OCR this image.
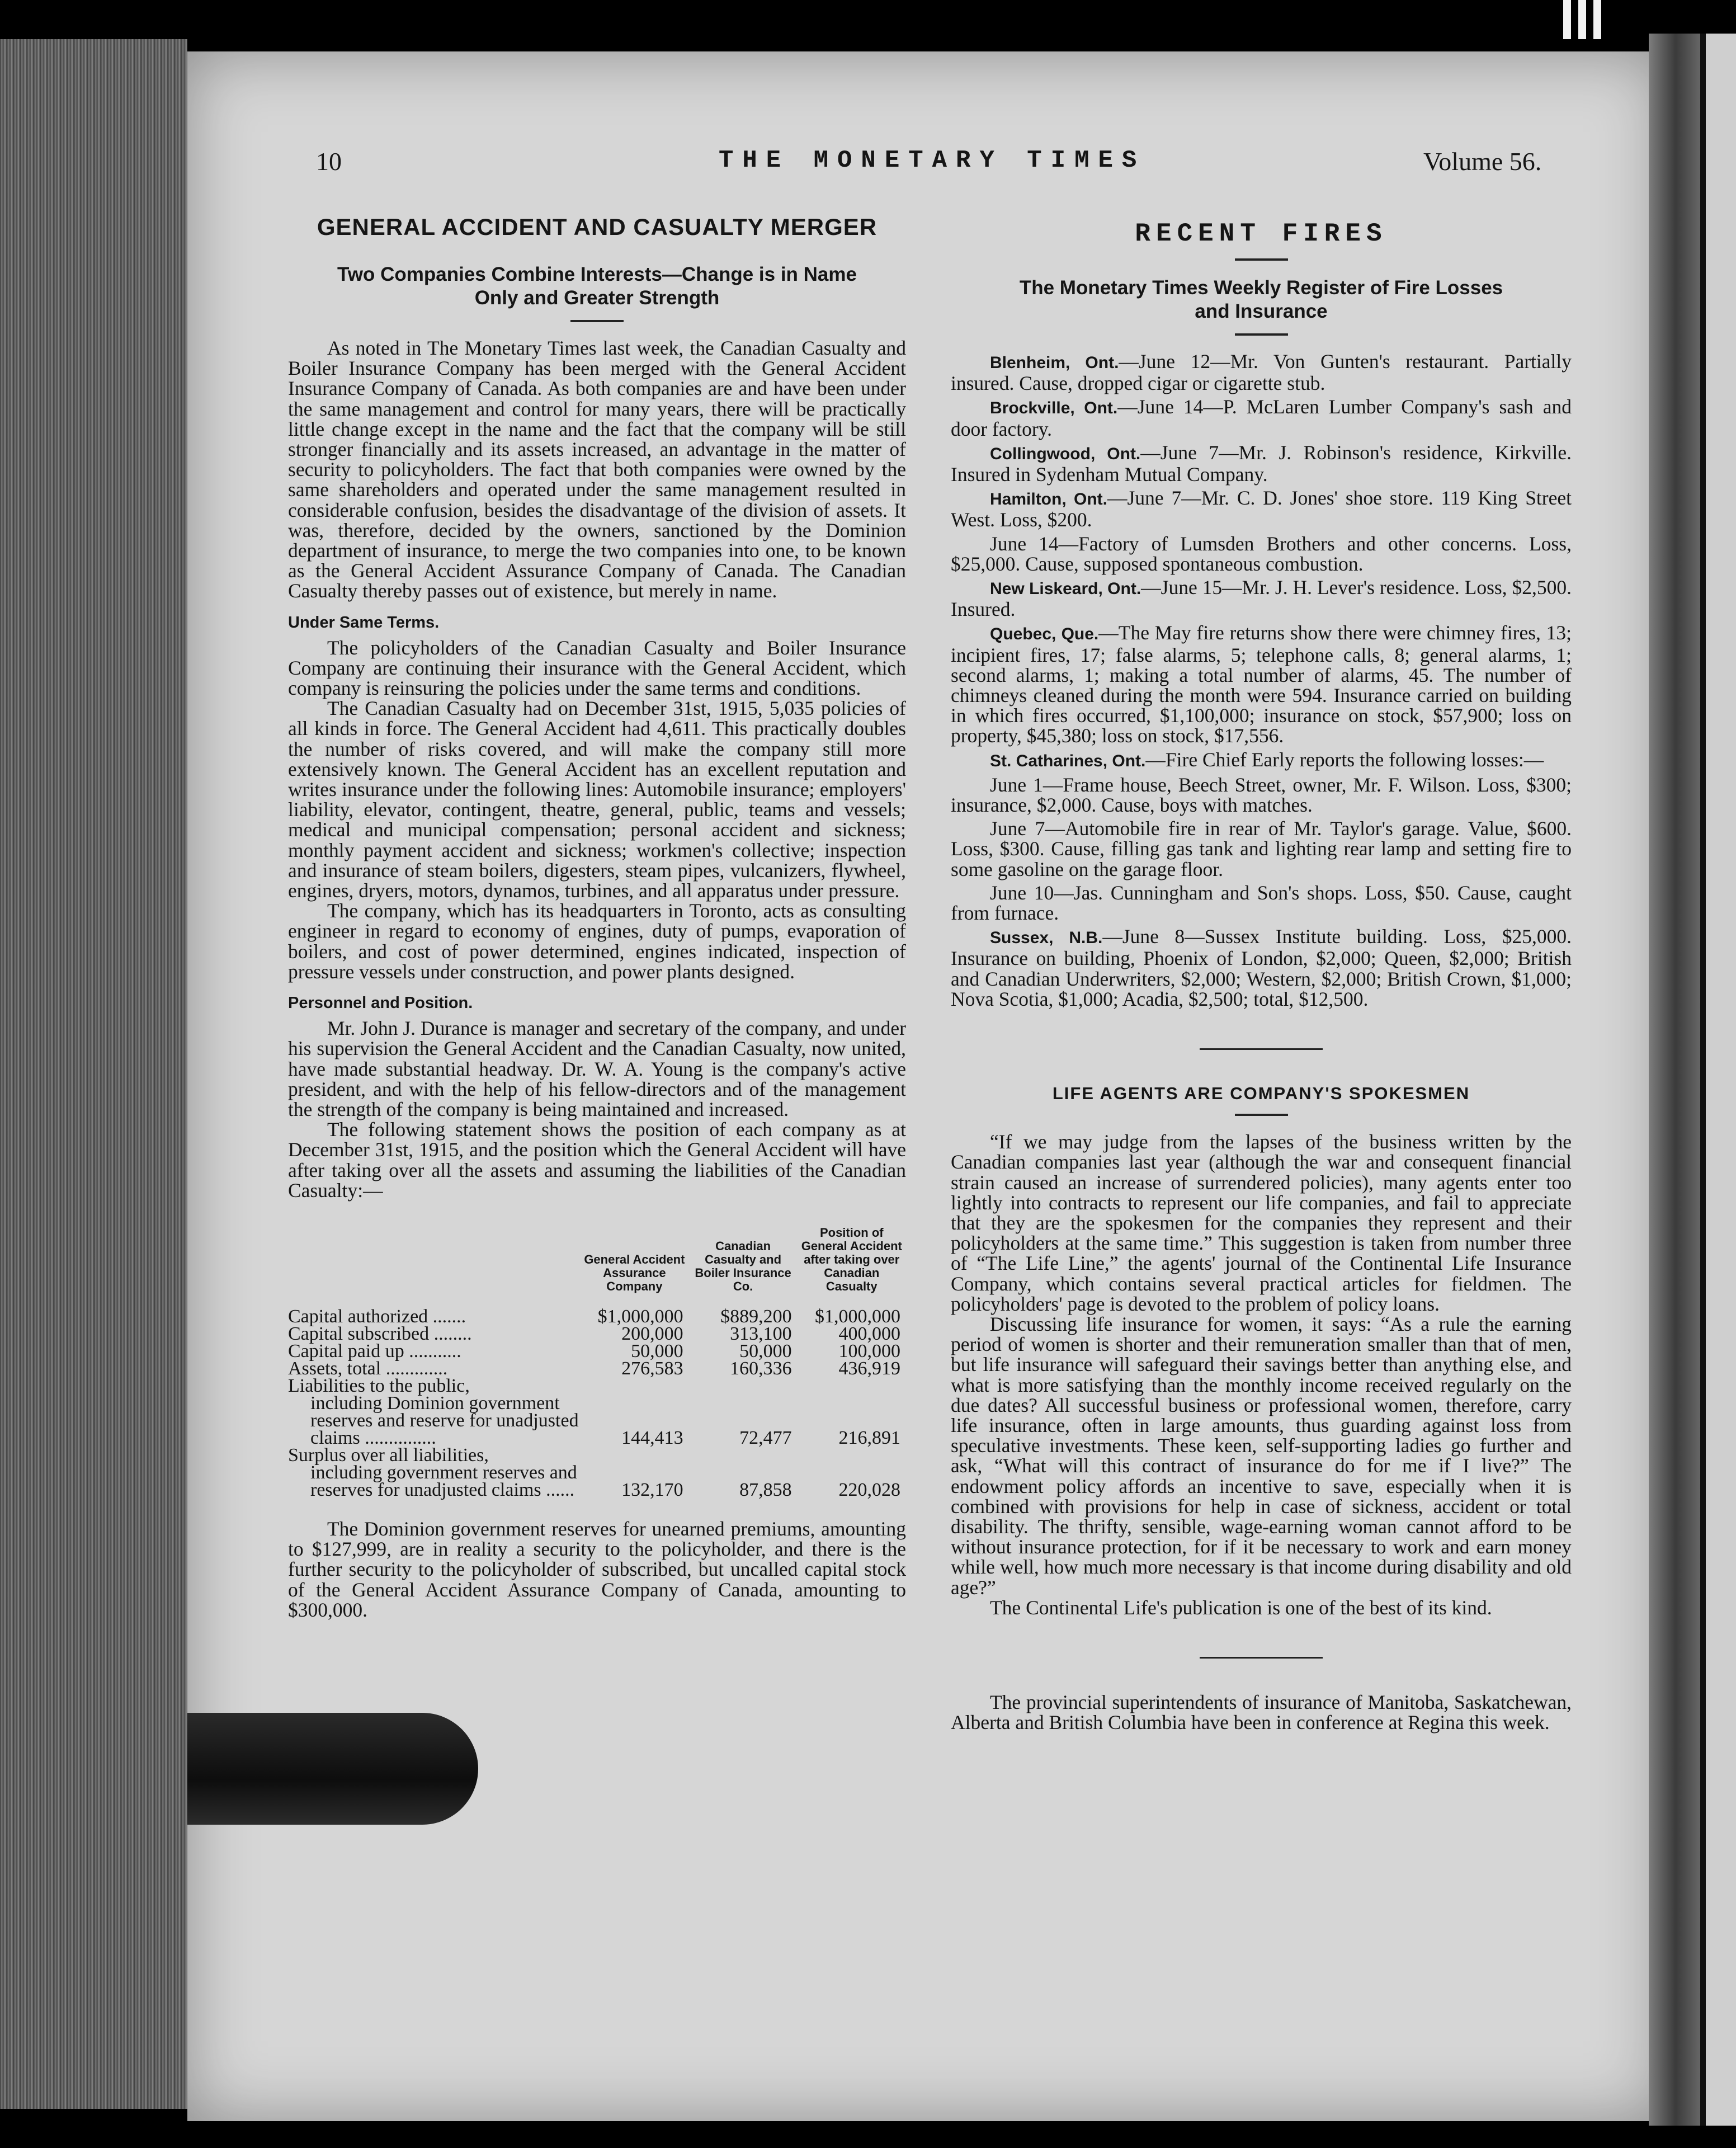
10	THE MONETARY TIMES	Volume 56.
GENERAL ACCIDENT AND CASUALTY MERGER
Two Companies Combine Interests—Change is in Name
Only and Greater Strength

As noted in The Monetary Times last week, the Canadian Casualty and Boiler Insurance Company has been merged with the General Accident Insurance Company of Canada. As both companies are and have been under the same management and control for many years, there will be practically little change except in the name and the fact that the company will be still stronger financially and its assets increased, an advantage in the matter of security to policyholders. The fact that both companies were owned by the same shareholders and operated under the same management resulted in considerable confusion, besides the disadvantage of the division of assets. It was, therefore, decided by the owners, sanctioned by the Dominion department of insurance, to merge the two companies into one, to be known as the General Accident Assurance Company of Canada. The Canadian Casualty thereby passes out of existence, but merely in name.

Under Same Terms.

The policyholders of the Canadian Casualty and Boiler Insurance Company are continuing their insurance with the General Accident, which company is reinsuring the policies under the same terms and conditions.

The Canadian Casualty had on December 31st, 1915, 5,035 policies of all kinds in force. The General Accident had 4,611. This practically doubles the number of risks covered, and will make the company still more extensively known. The General Accident has an excellent reputation and writes insurance under the following lines: Automobile insurance; employers' liability, elevator, contingent, theatre, general, public, teams and vessels; medical and municipal compensation; personal accident and sickness; monthly payment accident and sickness; workmen's collective; inspection and insurance of steam boilers, digesters, steam pipes, vulcanizers, flywheel, engines, dryers, motors, dynamos, turbines, and all apparatus under pressure.

The company, which has its headquarters in Toronto, acts as consulting engineer in regard to economy of engines, duty of pumps, evaporation of boilers, and cost of power determined, engines indicated, inspection of pressure vessels under construction, and power plants designed.

Personnel and Position.

Mr. John J. Durance is manager and secretary of the company, and under his supervision the General Accident and the Canadian Casualty, now united, have made substantial headway. Dr. W. A. Young is the company's active president, and with the help of his fellow-directors and of the management the strength of the company is being maintained and increased.

The following statement shows the position of each company as at December 31st, 1915, and the position which the General Accident will have after taking over all the assets and assuming the liabilities of the Canadian Casualty:—

	General Accident Assurance Company	Canadian Casualty and Boiler Insurance Co.	Position of General Accident after taking over Canadian Casualty
Capital authorized .......	$1,000,000	$889,200	$1,000,000
Capital subscribed ........	200,000	313,100	400,000
Capital paid up ...........	50,000	50,000	100,000
Assets, total .............	276,583	160,336	436,919
Liabilities to the public,
including Dominion government reserves and reserve for unadjusted claims ...............	144,413	72,477	216,891
Surplus over all liabilities,
including government reserves and reserves for unadjusted claims ......	132,170	87,858	220,028

The Dominion government reserves for unearned premiums, amounting to $127,999, are in reality a security to the policyholder, and there is the further security to the policyholder of subscribed, but uncalled capital stock of the General Accident Assurance Company of Canada, amounting to $300,000.

RECENT FIRES
The Monetary Times Weekly Register of Fire Losses
and Insurance

Blenheim, Ont.—June 12—Mr. Von Gunten's restaurant. Partially insured. Cause, dropped cigar or cigarette stub.

Brockville, Ont.—June 14—P. McLaren Lumber Company's sash and door factory.

Collingwood, Ont.—June 7—Mr. J. Robinson's residence, Kirkville. Insured in Sydenham Mutual Company.

Hamilton, Ont.—June 7—Mr. C. D. Jones' shoe store. 119 King Street West. Loss, $200.

June 14—Factory of Lumsden Brothers and other concerns. Loss, $25,000. Cause, supposed spontaneous combustion.

New Liskeard, Ont.—June 15—Mr. J. H. Lever's residence. Loss, $2,500. Insured.

Quebec, Que.—The May fire returns show there were chimney fires, 13; incipient fires, 17; false alarms, 5; telephone calls, 8; general alarms, 1; second alarms, 1; making a total number of alarms, 45. The number of chimneys cleaned during the month were 594. Insurance carried on building in which fires occurred, $1,100,000; insurance on stock, $57,900; loss on property, $45,380; loss on stock, $17,556.

St. Catharines, Ont.—Fire Chief Early reports the following losses:—

June 1—Frame house, Beech Street, owner, Mr. F. Wilson. Loss, $300; insurance, $2,000. Cause, boys with matches.

June 7—Automobile fire in rear of Mr. Taylor's garage. Value, $600. Loss, $300. Cause, filling gas tank and lighting rear lamp and setting fire to some gasoline on the garage floor.

June 10—Jas. Cunningham and Son's shops. Loss, $50. Cause, caught from furnace.

Sussex, N.B.—June 8—Sussex Institute building. Loss, $25,000. Insurance on building, Phoenix of London, $2,000; Queen, $2,000; British and Canadian Underwriters, $2,000; Western, $2,000; British Crown, $1,000; Nova Scotia, $1,000; Acadia, $2,500; total, $12,500.

LIFE AGENTS ARE COMPANY'S SPOKESMEN

“If we may judge from the lapses of the business written by the Canadian companies last year (although the war and consequent financial strain caused an increase of surrendered policies), many agents enter too lightly into contracts to represent our life companies, and fail to appreciate that they are the spokesmen for the companies they represent and their policyholders at the same time.” This suggestion is taken from number three of “The Life Line,” the agents' journal of the Continental Life Insurance Company, which contains several practical articles for fieldmen. The policyholders' page is devoted to the problem of policy loans.

Discussing life insurance for women, it says: “As a rule the earning period of women is shorter and their remuneration smaller than that of men, but life insurance will safeguard their savings better than anything else, and what is more satisfying than the monthly income received regularly on the due dates? All successful business or professional women, therefore, carry life insurance, often in large amounts, thus guarding against loss from speculative investments. These keen, self-supporting ladies go further and ask, “What will this contract of insurance do for me if I live?” The endowment policy affords an incentive to save, especially when it is combined with provisions for help in case of sickness, accident or total disability. The thrifty, sensible, wage-earning woman cannot afford to be without insurance protection, for if it be necessary to work and earn money while well, how much more necessary is that income during disability and old age?”

The Continental Life's publication is one of the best of its kind.

The provincial superintendents of insurance of Manitoba, Saskatchewan, Alberta and British Columbia have been in conference at Regina this week.
